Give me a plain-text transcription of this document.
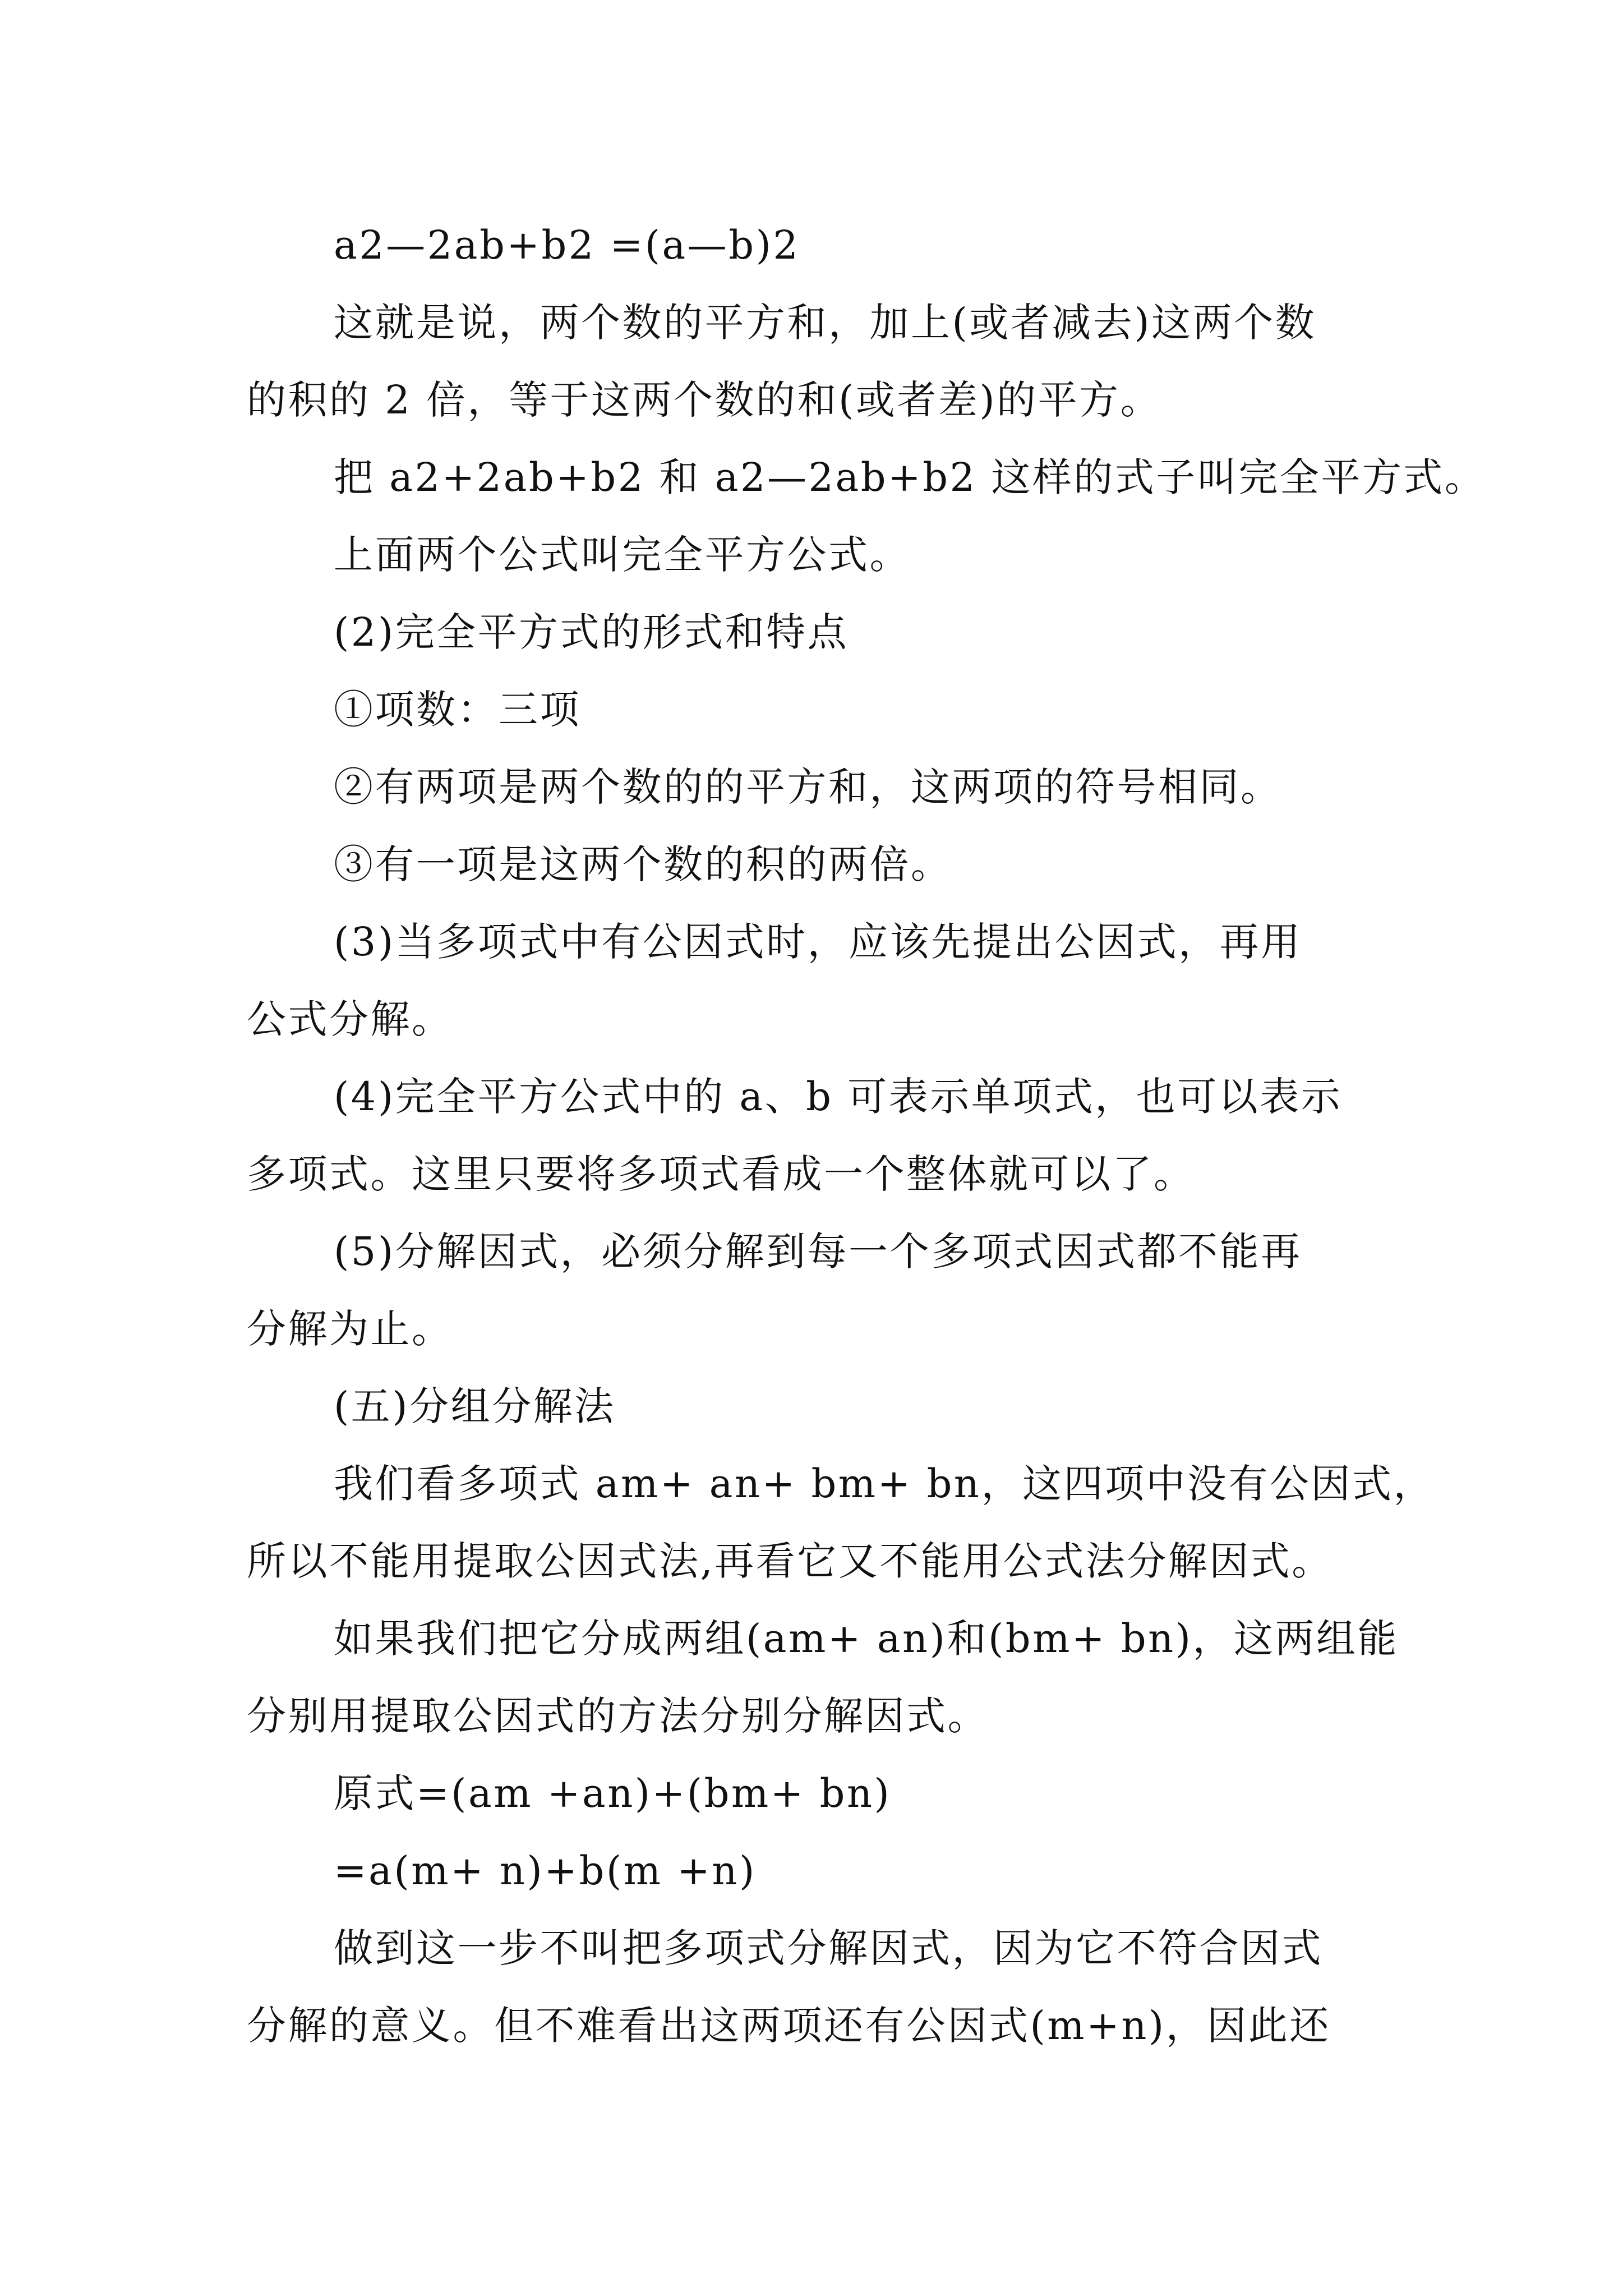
a2—2ab+b2 =(a—b)2
这就是说，两个数的平方和，加上(或者减去)这两个数
的积的 2 倍，等于这两个数的和(或者差)的平方。
把 a2+2ab+b2 和 a2—2ab+b2 这样的式子叫完全平方式。
上面两个公式叫完全平方公式。
(2)完全平方式的形式和特点
①项数：三项
②有两项是两个数的的平方和，这两项的符号相同。
③有一项是这两个数的积的两倍。
(3)当多项式中有公因式时，应该先提出公因式，再用
公式分解。
(4)完全平方公式中的 a、b 可表示单项式，也可以表示
多项式。这里只要将多项式看成一个整体就可以了。
(5)分解因式，必须分解到每一个多项式因式都不能再
分解为止。
(五)分组分解法
我们看多项式 am+ an+ bm+ bn，这四项中没有公因式，
所以不能用提取公因式法,再看它又不能用公式法分解因式。
如果我们把它分成两组(am+ an)和(bm+ bn)，这两组能
分别用提取公因式的方法分别分解因式。
原式=(am +an)+(bm+ bn)
=a(m+ n)+b(m +n)
做到这一步不叫把多项式分解因式，因为它不符合因式
分解的意义。但不难看出这两项还有公因式(m+n)，因此还
